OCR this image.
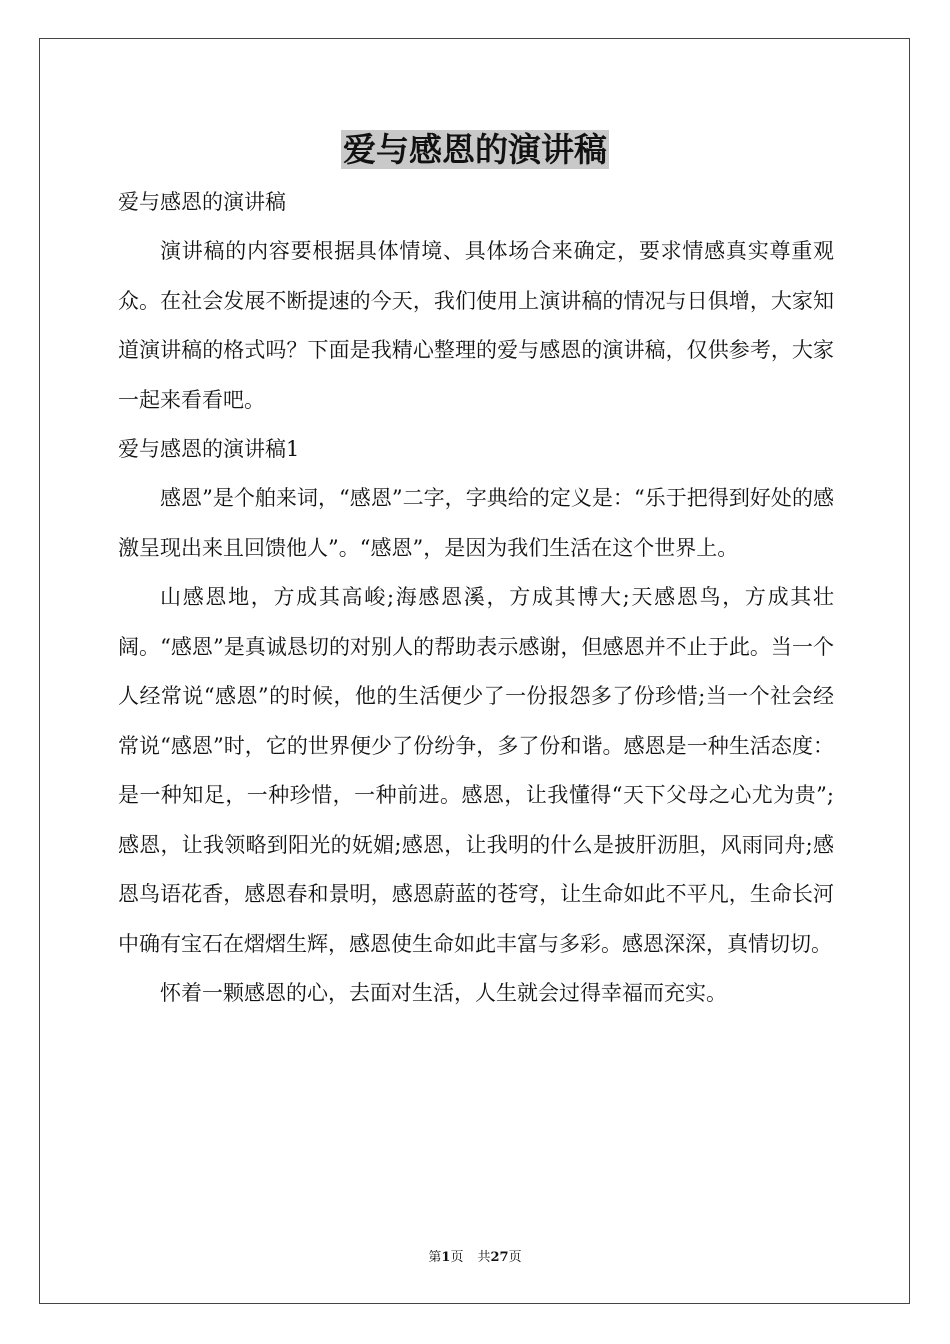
爱与感恩的演讲稿

爱与感恩的演讲稿

演讲稿的内容要根据具体情境、具体场合来确定，要求情感真实尊重观众。在社会发展不断提速的今天，我们使用上演讲稿的情况与日俱增，大家知道演讲稿的格式吗？下面是我精心整理的爱与感恩的演讲稿，仅供参考，大家一起来看看吧。

爱与感恩的演讲稿1

感恩”是个舶来词，“感恩”二字，字典给的定义是：“乐于把得到好处的感激呈现出来且回馈他人”。“感恩”，是因为我们生活在这个世界上。

山感恩地，方成其高峻;海感恩溪，方成其博大;天感恩鸟，方成其壮阔。“感恩”是真诚恳切的对别人的帮助表示感谢，但感恩并不止于此。当一个人经常说“感恩”的时候，他的生活便少了一份报怨多了份珍惜;当一个社会经常说“感恩”时，它的世界便少了份纷争，多了份和谐。感恩是一种生活态度：是一种知足，一种珍惜，一种前进。感恩，让我懂得“天下父母之心尤为贵”;感恩，让我领略到阳光的妩媚;感恩，让我明的什么是披肝沥胆，风雨同舟;感恩鸟语花香，感恩春和景明，感恩蔚蓝的苍穹，让生命如此不平凡，生命长河中确有宝石在熠熠生辉，感恩使生命如此丰富与多彩。感恩深深，真情切切。

怀着一颗感恩的心，去面对生活，人生就会过得幸福而充实。

第1页 共27页
